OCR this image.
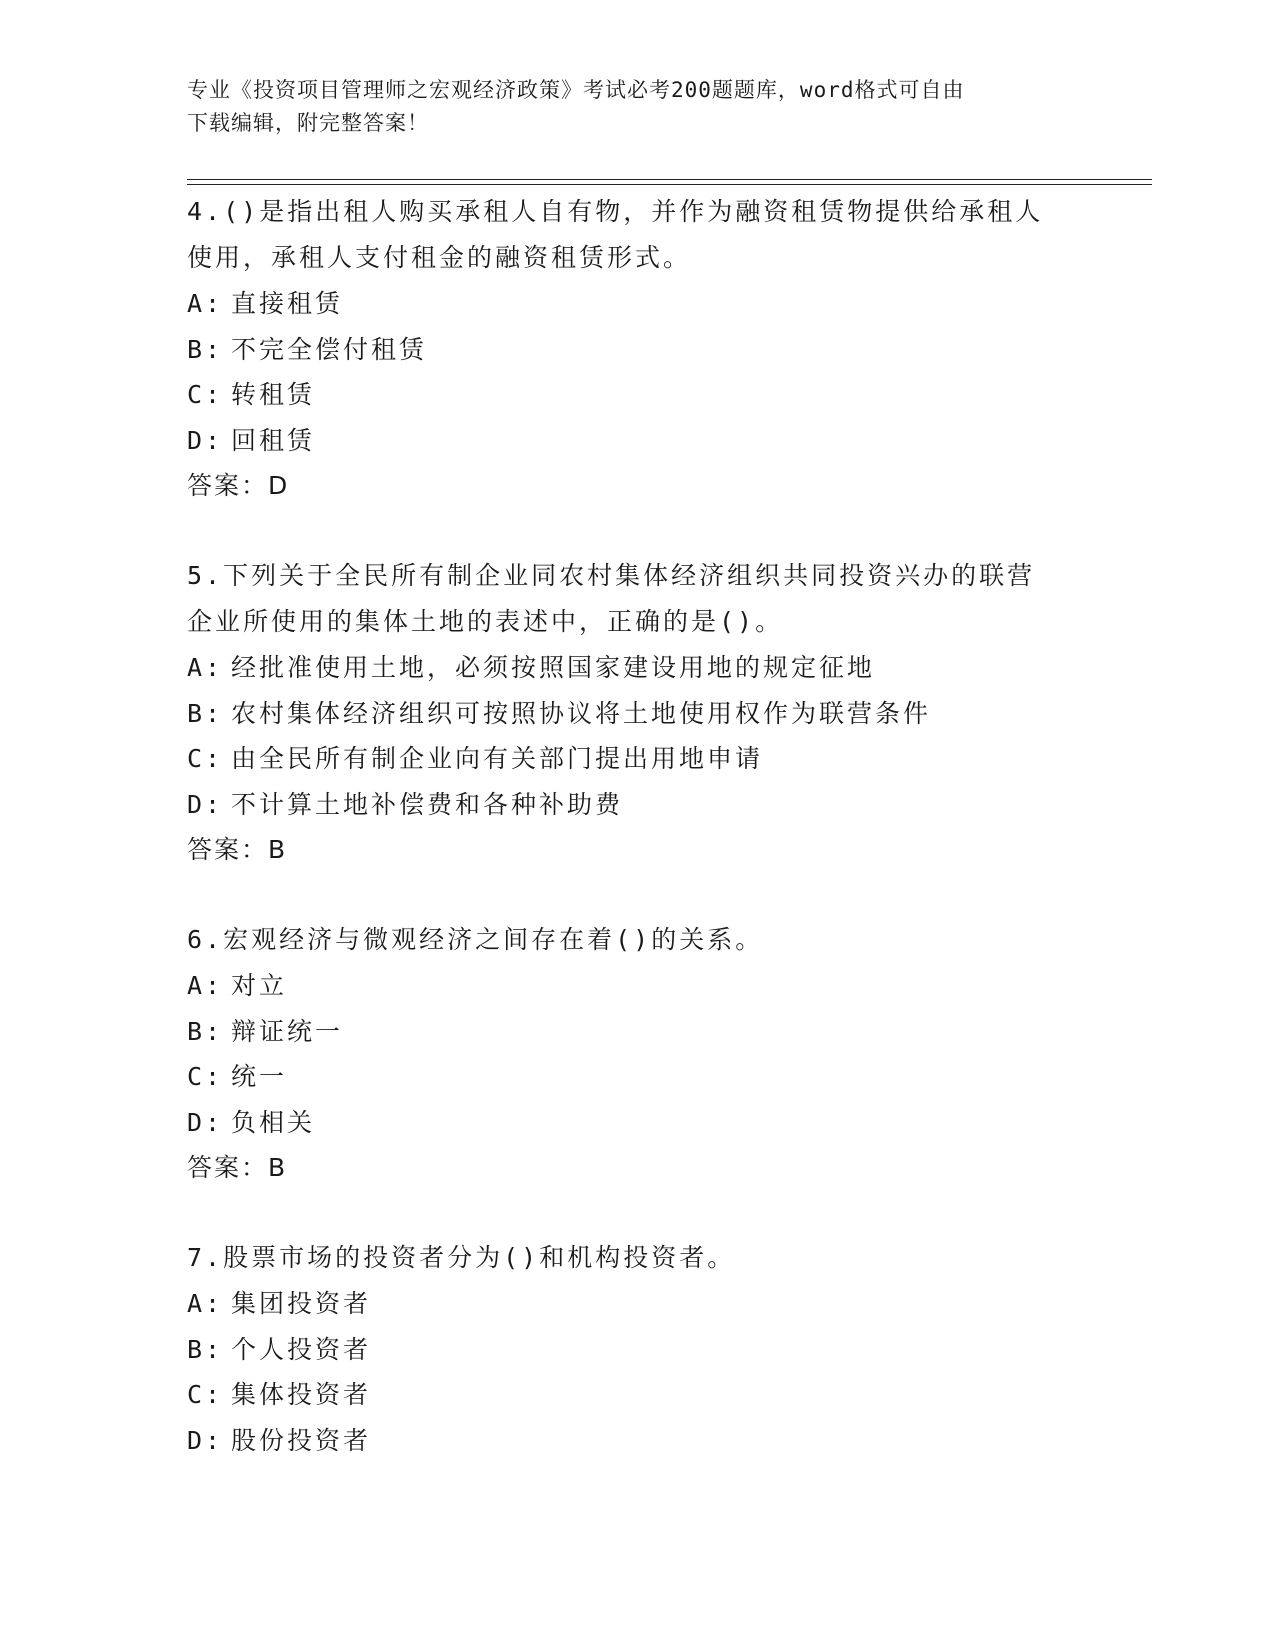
专业《投资项目管理师之宏观经济政策》考试必考200题题库，word格式可自由
下载编辑，附完整答案！
4.()是指出租人购买承租人自有物，并作为融资租赁物提供给承租人
使用，承租人支付租金的融资租赁形式。
A: 直接租赁
B: 不完全偿付租赁
C: 转租赁
D: 回租赁
答案：D
5.下列关于全民所有制企业同农村集体经济组织共同投资兴办的联营
企业所使用的集体土地的表述中，正确的是()。
A: 经批准使用土地，必须按照国家建设用地的规定征地
B: 农村集体经济组织可按照协议将土地使用权作为联营条件
C: 由全民所有制企业向有关部门提出用地申请
D: 不计算土地补偿费和各种补助费
答案：B
6.宏观经济与微观经济之间存在着()的关系。
A: 对立
B: 辩证统一
C: 统一
D: 负相关
答案：B
7.股票市场的投资者分为()和机构投资者。
A: 集团投资者
B: 个人投资者
C: 集体投资者
D: 股份投资者
